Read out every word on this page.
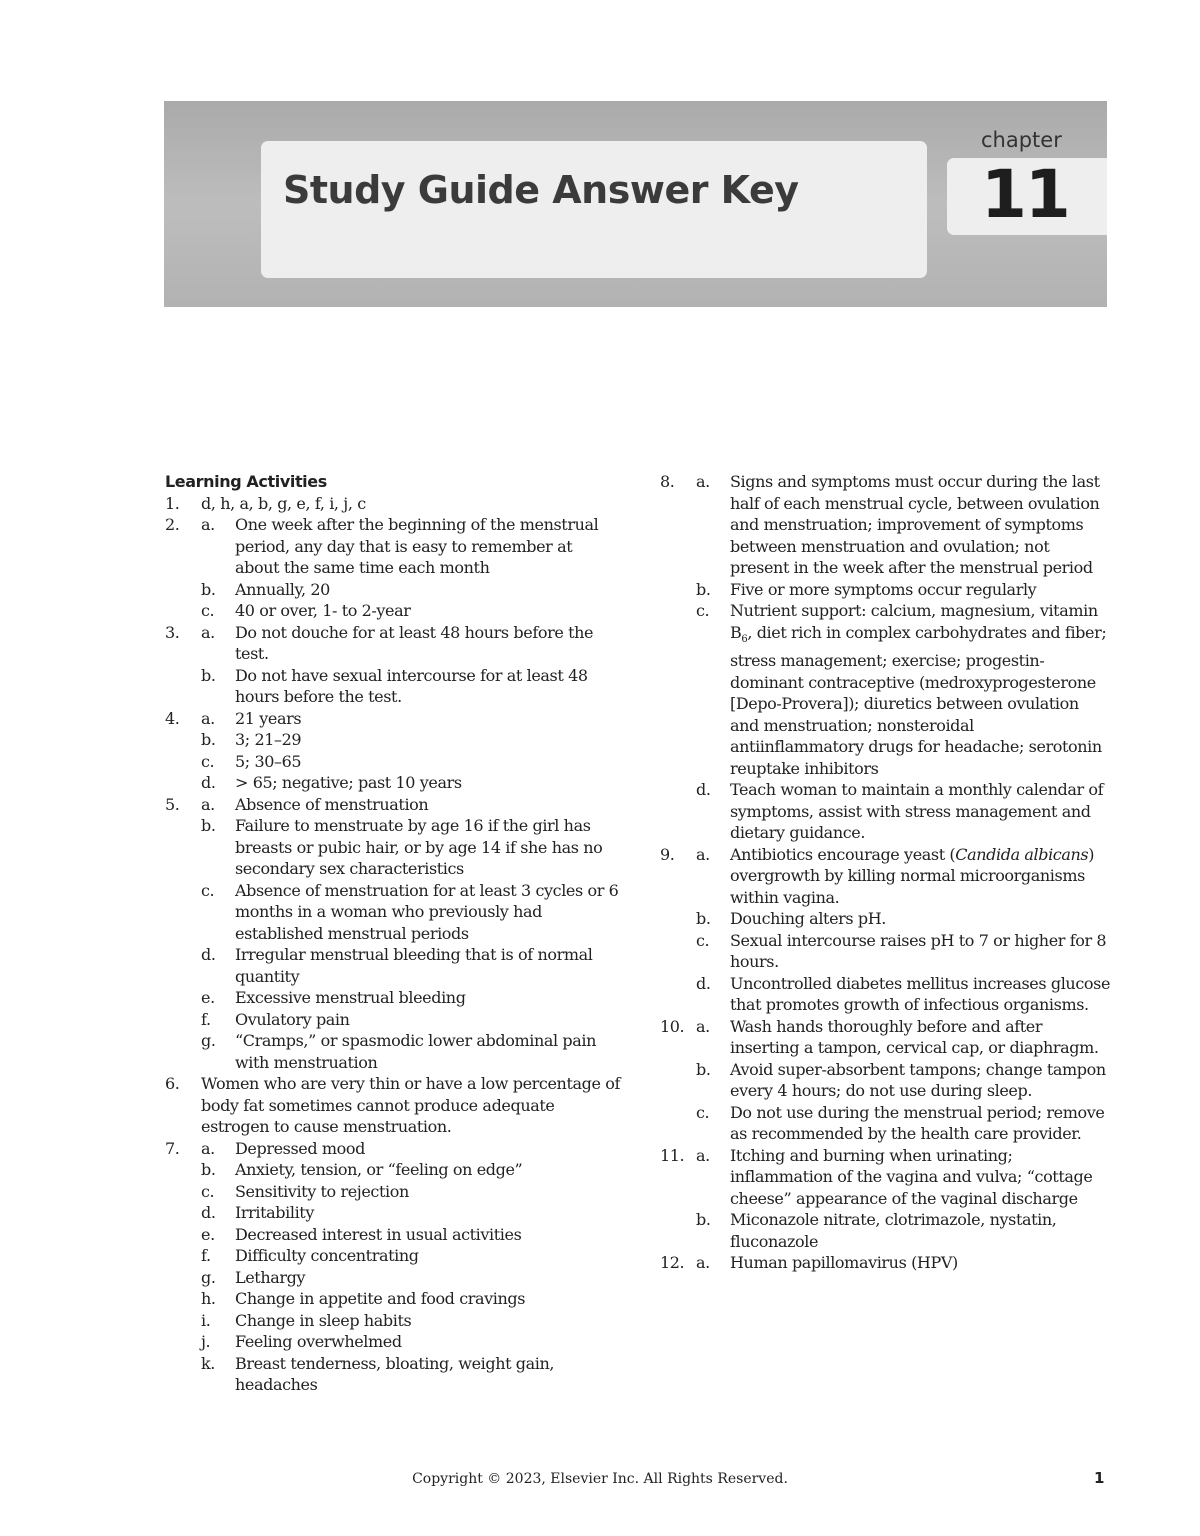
Study Guide Answer Key
chapter
11
Learning Activities
1.	d, h, a, b, g, e, f, i, j, c
2.	a.	One week after the beginning of the menstrual period, any day that is easy to remember at about the same time each month
b.	Annually, 20
c.	40 or over, 1- to 2-year
3.	a.	Do not douche for at least 48 hours before the test.
b.	Do not have sexual intercourse for at least 48 hours before the test.
4.	a.	21 years
b.	3; 21–29
c.	5; 30–65
d.	> 65; negative; past 10 years
5.	a.	Absence of menstruation
b.	Failure to menstruate by age 16 if the girl has breasts or pubic hair, or by age 14 if she has no secondary sex characteristics
c.	Absence of menstruation for at least 3 cycles or 6 months in a woman who previously had established menstrual periods
d.	Irregular menstrual bleeding that is of normal quantity
e.	Excessive menstrual bleeding
f.	Ovulatory pain
g.	“Cramps,” or spasmodic lower abdominal pain with menstruation
6.	Women who are very thin or have a low percentage of body fat sometimes cannot produce adequate estrogen to cause menstruation.
7.	a.	Depressed mood
b.	Anxiety, tension, or “feeling on edge”
c.	Sensitivity to rejection
d.	Irritability
e.	Decreased interest in usual activities
f.	Difficulty concentrating
g.	Lethargy
h.	Change in appetite and food cravings
i.	Change in sleep habits
j.	Feeling overwhelmed
k.	Breast tenderness, bloating, weight gain, headaches
8.	a.	Signs and symptoms must occur during the last half of each menstrual cycle, between ovulation and menstruation; improvement of symptoms between menstruation and ovulation; not present in the week after the menstrual period
b.	Five or more symptoms occur regularly
c.	Nutrient support: calcium, magnesium, vitamin $B_6$, diet rich in complex carbohydrates and fiber; stress management; exercise; progestin-dominant contraceptive (medroxyprogesterone [Depo-Provera]); diuretics between ovulation and menstruation; nonsteroidal antiinflammatory drugs for headache; serotonin reuptake inhibitors
d.	Teach woman to maintain a monthly calendar of symptoms, assist with stress management and dietary guidance.
9.	a.	Antibiotics encourage yeast (Candida albicans) overgrowth by killing normal microorganisms within vagina.
b.	Douching alters pH.
c.	Sexual intercourse raises pH to 7 or higher for 8 hours.
d.	Uncontrolled diabetes mellitus increases glucose that promotes growth of infectious organisms.
10. a.	Wash hands thoroughly before and after inserting a tampon, cervical cap, or diaphragm.
b.	Avoid super-absorbent tampons; change tampon every 4 hours; do not use during sleep.
c.	Do not use during the menstrual period; remove as recommended by the health care provider.
11. a.	Itching and burning when urinating; inflammation of the vagina and vulva; “cottage cheese” appearance of the vaginal discharge
b.	Miconazole nitrate, clotrimazole, nystatin, fluconazole
12. a.	Human papillomavirus (HPV)
Copyright © 2023, Elsevier Inc. All Rights Reserved.	1
